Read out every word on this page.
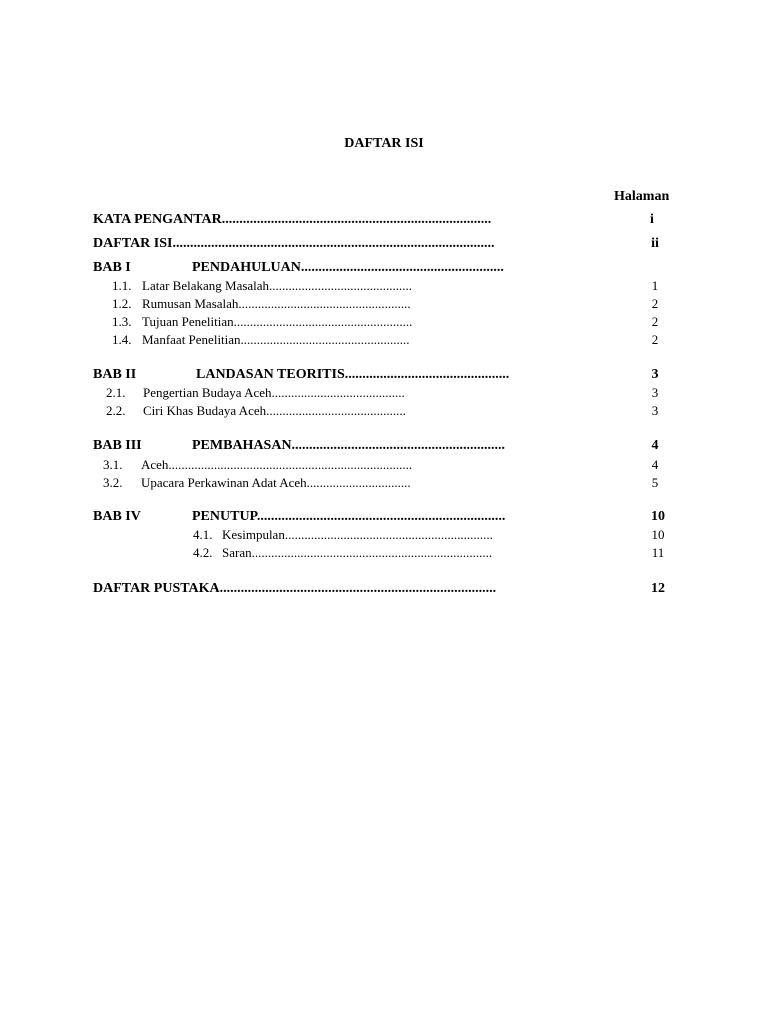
DAFTAR ISI
Halaman
KATA PENGANTAR.............................................................................	i
DAFTAR ISI............................................................................................	ii
BAB I	PENDAHULUAN..........................................................
1.1. Latar Belakang Masalah............................................	1
1.2. Rumusan Masalah.....................................................	2
1.3. Tujuan Penelitian.......................................................	2
1.4. Manfaat Penelitian....................................................	2
BAB II	LANDASAN TEORITIS...............................................	3
2.1. Pengertian Budaya Aceh.........................................	3
2.2. Ciri Khas Budaya Aceh...........................................	3
BAB III	PEMBAHASAN.............................................................	4
3.1. Aceh...........................................................................	4
3.2. Upacara Perkawinan Adat Aceh................................	5
BAB IV	PENUTUP.......................................................................	10
4.1. Kesimpulan................................................................	10
4.2. Saran..........................................................................	11
DAFTAR PUSTAKA...............................................................................	12
